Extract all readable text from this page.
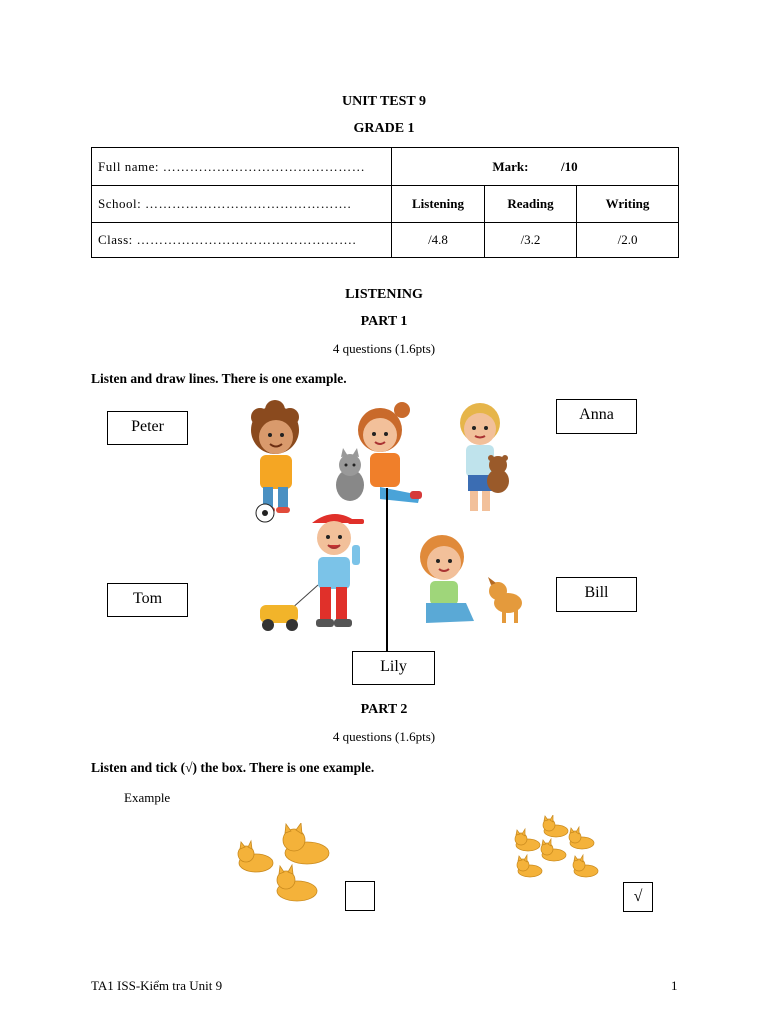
UNIT TEST 9
GRADE 1
Full name: ………………………………………	Mark: /10		
School: ……………………………………….	Listening	Reading	Writing
Class: ………………………………………….	/4.8	/3.2	/2.0
LISTENING
PART 1
4 questions (1.6pts)
Listen and draw lines. There is one example.
Peter
Anna
Tom	Bill
Lily
PART 2
4 questions (1.6pts)
Listen and tick (√) the box. There is one example.
Example
√
TA1 ISS-Kiểm tra Unit 9	1
